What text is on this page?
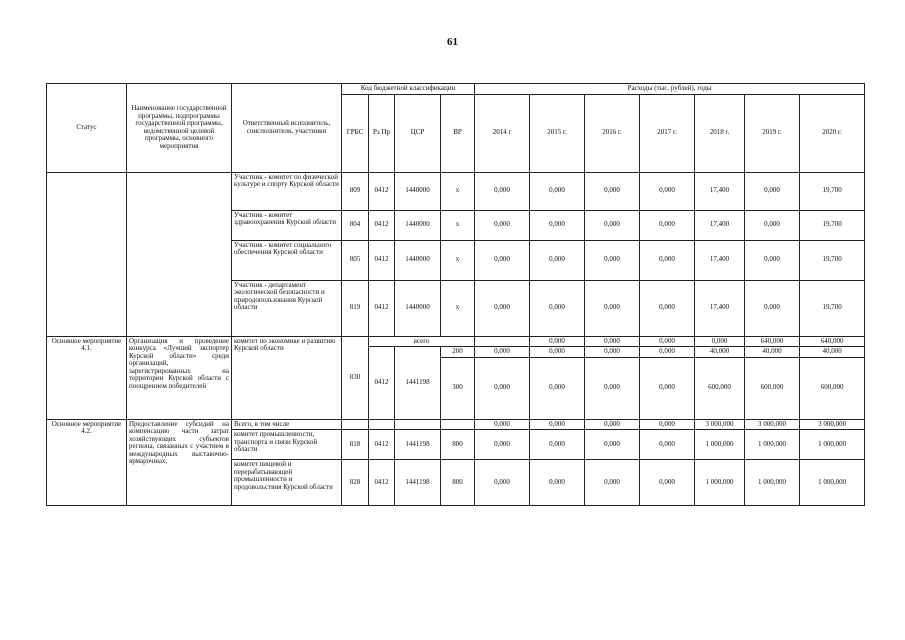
61
Статус	Наименование государственной программы, подпрограммы государственной программы, ведомственной целевой программы, основного мероприятия	Ответственный исполнитель, соисполнители, участники	Код бюджетной классификации				Расходы (тыс. рублей), годы							
			ГРБС	Рз Пр	ЦСР	ВР	2014 г	2015 г.	2016 г.	2017 г.	2018 г.	2019 г.	2020 г.	
		Участник - комитет по физической культуре и спорту Курской области	809	0412	1440000	х	0,000	0,000	0,000	0,000	17,400	0,000	19,700	
		Участник - комитет здравоохранения Курской области	804	0412	1440000	х	0,000	0,000	0,000	0,000	17,400	0,000	19,700	
		Участник - комитет социального обеспечения Курской области	805	0412	1440000	х	0,000	0,000	0,000	0,000	17,400	0,000	19,700	
		Участник - департамент экологической безопасности и природопользования Курской области	819	0412	1440000	х	0,000	0,000	0,000	0,000	17,400	0,000	19,700	
Основное мероприятие 4.1.	Организация и проведение конкурса «Лучший экспортер Курской области» среди организаций, зарегистрированных на территории Курской области с поощрением победителей	комитет по экономике и развитию Курской области	830	всего				0,000	0,000	0,000	0,000	640,000	640,000	
				0412	1441198	200	0,000	0,000	0,000	0,000	40,000	40,000	40,000	
						300	0,000	0,000	0,000	0,000	600,000	600,000	600,000	
Основное мероприятие 4.2.	Предоставление субсидий на компенсацию части затрат хозяйствующих субъектов региона, связанных с участием в международных выставочно-ярмарочных,	Всего, в том числе					0,000	0,000	0,000	0,000	3 000,000	3 000,000	3 000,000	
		комитет промышленности, транспорта и связи Курской области	818	0412	1441198	800	0,000	0,000	0,000	0,000	1 000,000	1 000,000	1 000,000	
		комитет пищевой и перерабатывающей промышленности и продовольствия Курской области	828	0412	1441198	800	0,000	0,000	0,000	0,000	1 000,000	1 000,000	1 000,000	
